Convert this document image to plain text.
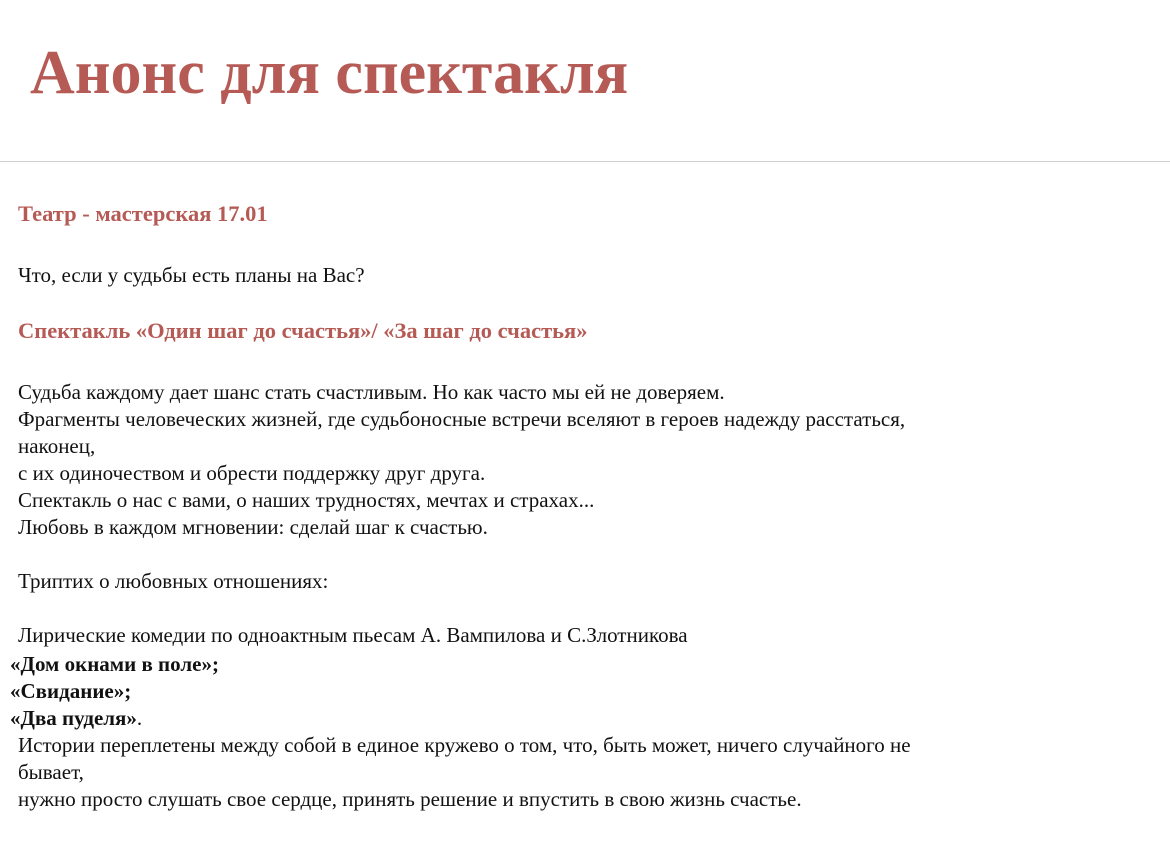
Анонс для спектакля

Театр - мастерская 17.01

Что, если у судьбы есть планы на Вас?

Спектакль «Один шаг до счастья»/ «За шаг до счастья»

Судьба каждому дает шанс стать счастливым. Но как часто мы ей не доверяем.

Фрагменты человеческих жизней, где судьбоносные встречи вселяют в героев надежду расстаться,

наконец,

с их одиночеством и обрести поддержку друг друга.

Спектакль о нас с вами, о наших трудностях, мечтах и страхах...

Любовь в каждом мгновении: сделай шаг к счастью.

Триптих о любовных отношениях:

Лирические комедии по одноактным пьесам А. Вампилова и С.Злотникова

«Дом окнами в поле»;

«Свидание»;

«Два пуделя».

Истории переплетены между собой в единое кружево о том, что, быть может, ничего случайного не

бывает,

нужно просто слушать свое сердце, принять решение и впустить в свою жизнь счастье.
